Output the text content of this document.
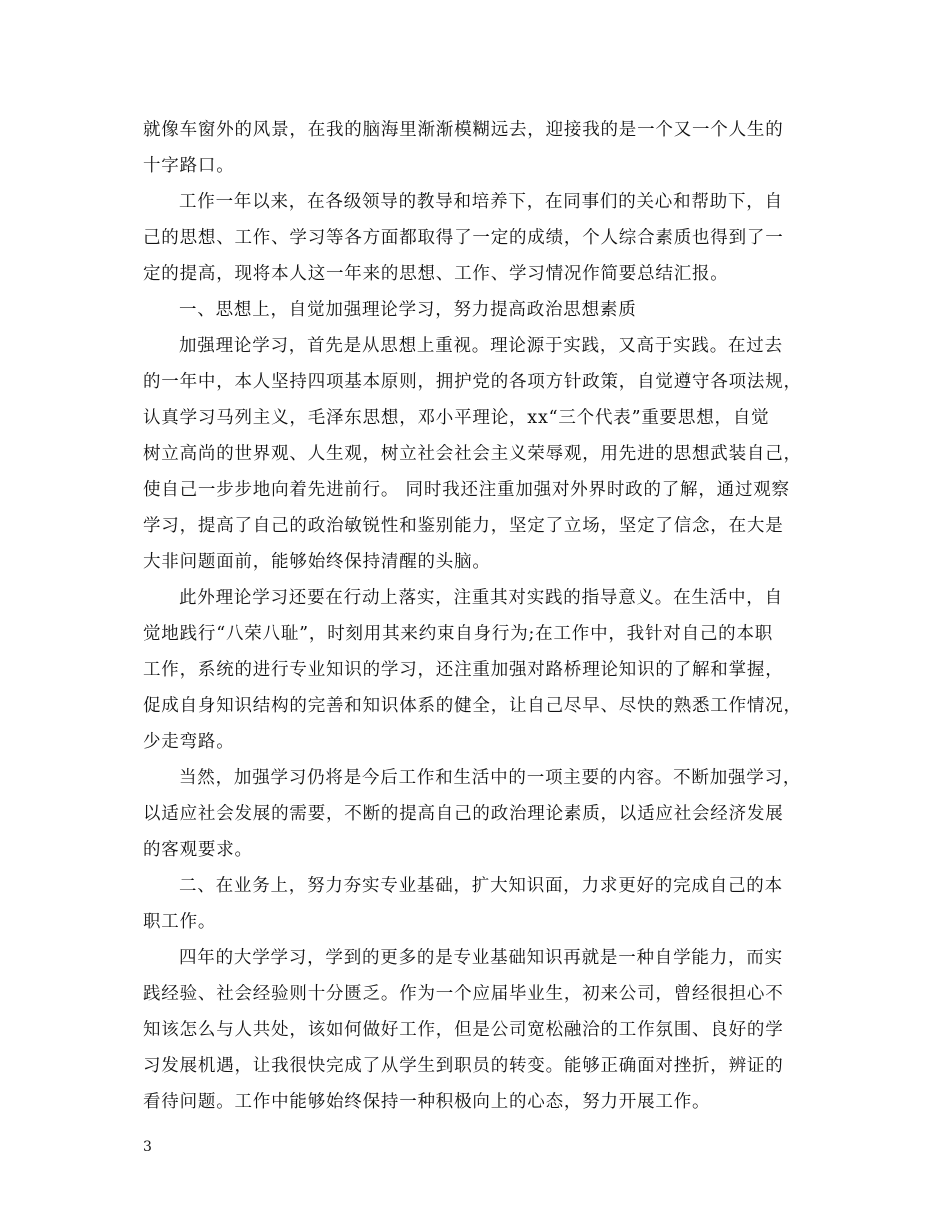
就像车窗外的风景，在我的脑海里渐渐模糊远去，迎接我的是一个又一个人生的
十字路口。

工作一年以来，在各级领导的教导和培养下，在同事们的关心和帮助下，自
己的思想、工作、学习等各方面都取得了一定的成绩，个人综合素质也得到了一
定的提高，现将本人这一年来的思想、工作、学习情况作简要总结汇报。

一、思想上，自觉加强理论学习，努力提高政治思想素质

加强理论学习，首先是从思想上重视。理论源于实践，又高于实践。在过去
的一年中，本人坚持四项基本原则，拥护党的各项方针政策，自觉遵守各项法规，
认真学习马列主义，毛泽东思想，邓小平理论，xx“三个代表”重要思想，自觉
树立高尚的世界观、人生观，树立社会社会主义荣辱观，用先进的思想武装自己，
使自己一步步地向着先进前行。 同时我还注重加强对外界时政的了解，通过观察
学习，提高了自己的政治敏锐性和鉴别能力，坚定了立场，坚定了信念，在大是
大非问题面前，能够始终保持清醒的头脑。

此外理论学习还要在行动上落实，注重其对实践的指导意义。在生活中，自
觉地践行“八荣八耻”，时刻用其来约束自身行为;在工作中，我针对自己的本职
工作，系统的进行专业知识的学习，还注重加强对路桥理论知识的了解和掌握，
促成自身知识结构的完善和知识体系的健全，让自己尽早、尽快的熟悉工作情况，
少走弯路。

当然，加强学习仍将是今后工作和生活中的一项主要的内容。不断加强学习，
以适应社会发展的需要，不断的提高自己的政治理论素质，以适应社会经济发展
的客观要求。

二、在业务上，努力夯实专业基础，扩大知识面，力求更好的完成自己的本
职工作。

四年的大学学习，学到的更多的是专业基础知识再就是一种自学能力，而实
践经验、社会经验则十分匮乏。作为一个应届毕业生，初来公司，曾经很担心不
知该怎么与人共处，该如何做好工作，但是公司宽松融洽的工作氛围、良好的学
习发展机遇，让我很快完成了从学生到职员的转变。能够正确面对挫折，辨证的
看待问题。工作中能够始终保持一种积极向上的心态，努力开展工作。

3
